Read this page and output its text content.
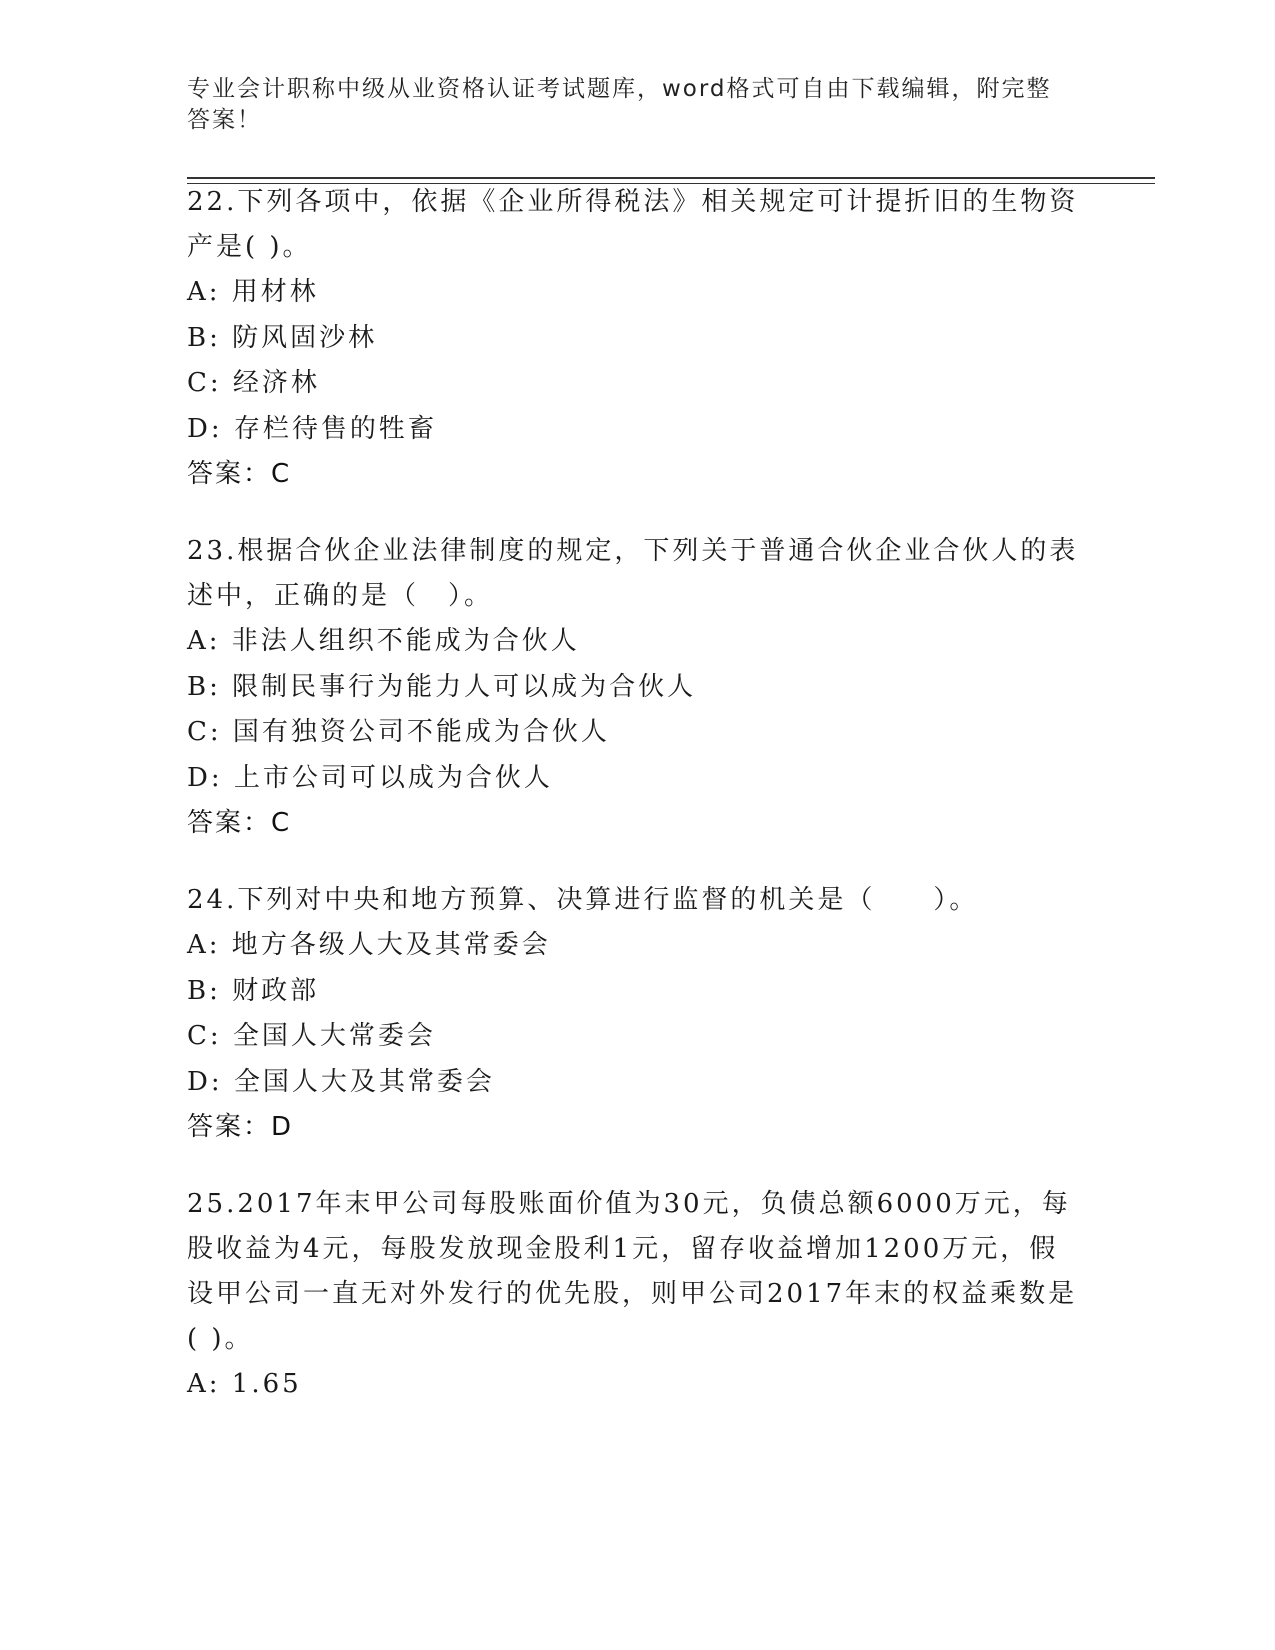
专业会计职称中级从业资格认证考试题库，word格式可自由下载编辑，附完整答案！
22.下列各项中，依据《企业所得税法》相关规定可计提折旧的生物资产是( )。
A: 用材林
B: 防风固沙林
C: 经济林
D: 存栏待售的牲畜
答案：C
23.根据合伙企业法律制度的规定，下列关于普通合伙企业合伙人的表述中，正确的是（　）。
A: 非法人组织不能成为合伙人
B: 限制民事行为能力人可以成为合伙人
C: 国有独资公司不能成为合伙人
D: 上市公司可以成为合伙人
答案：C
24.下列对中央和地方预算、决算进行监督的机关是（　　）。
A: 地方各级人大及其常委会
B: 财政部
C: 全国人大常委会
D: 全国人大及其常委会
答案：D
25.2017年末甲公司每股账面价值为30元，负债总额6000万元，每股收益为4元，每股发放现金股利1元，留存收益增加1200万元，假设甲公司一直无对外发行的优先股，则甲公司2017年末的权益乘数是( )。
A: 1.65
